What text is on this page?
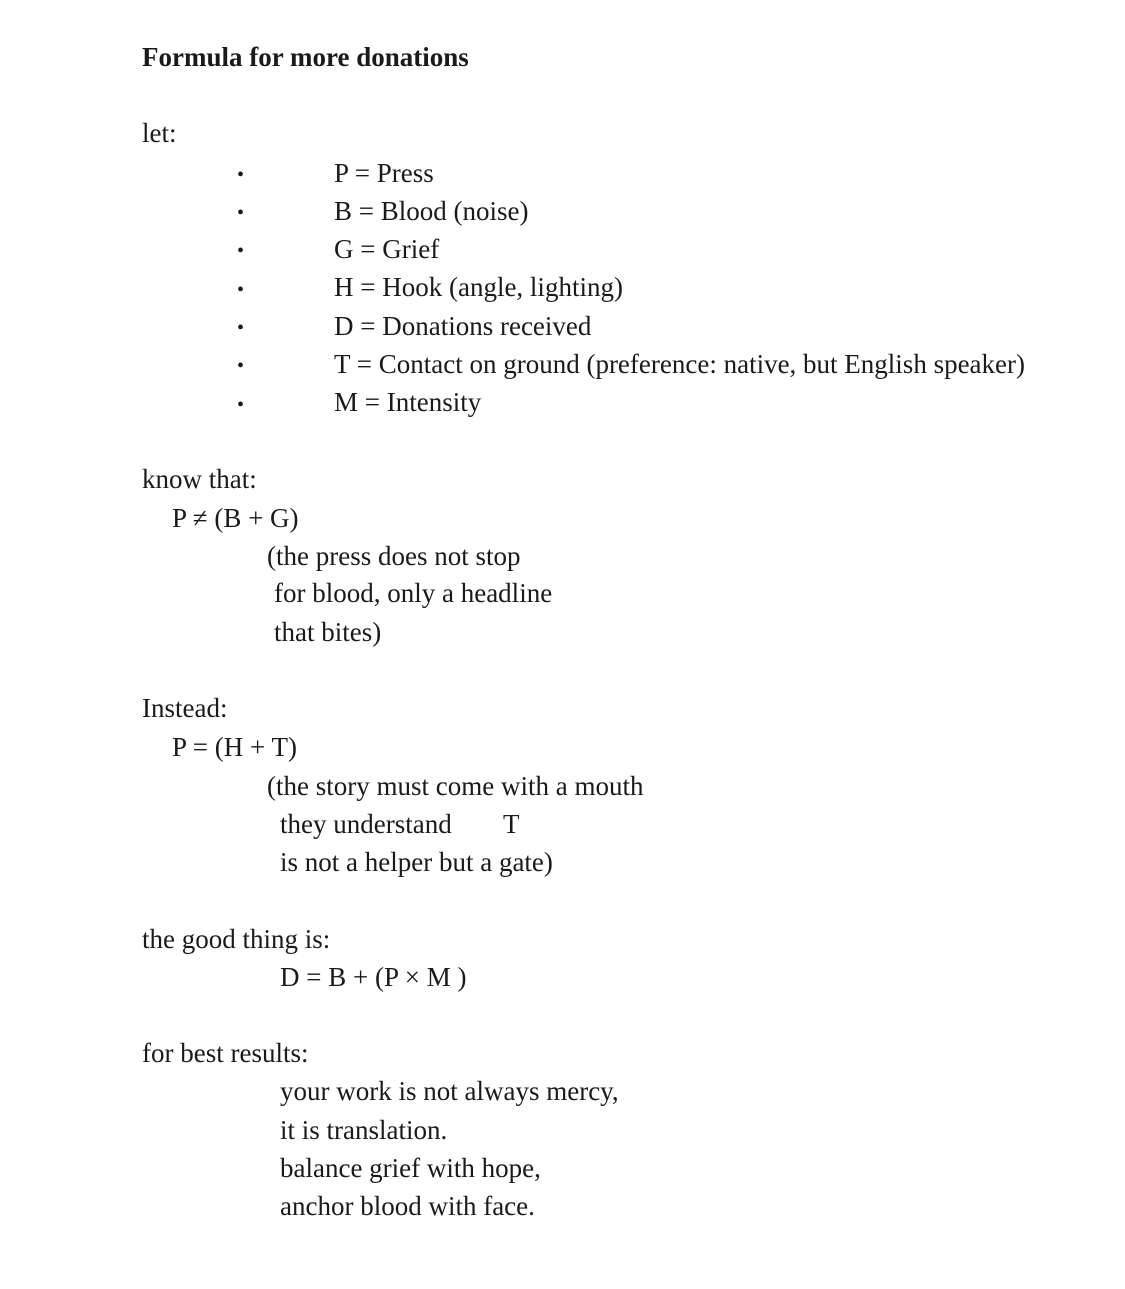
Formula for more donations
let:
•	P = Press
•	B = Blood (noise)
•	G = Grief
•	H = Hook (angle, lighting)
•	D = Donations received
•	T = Contact on ground (preference: native, but English speaker)
•	M = Intensity
know that:
P ≠ (B + G)
(the press does not stop
for blood, only a headline
that bites)
Instead:
P = (H + T)
(the story must come with a mouth
they understand T
is not a helper but a gate)
the good thing is:
D = B + (P × M )
for best results:
your work is not always mercy,
it is translation.
balance grief with hope,
anchor blood with face.
